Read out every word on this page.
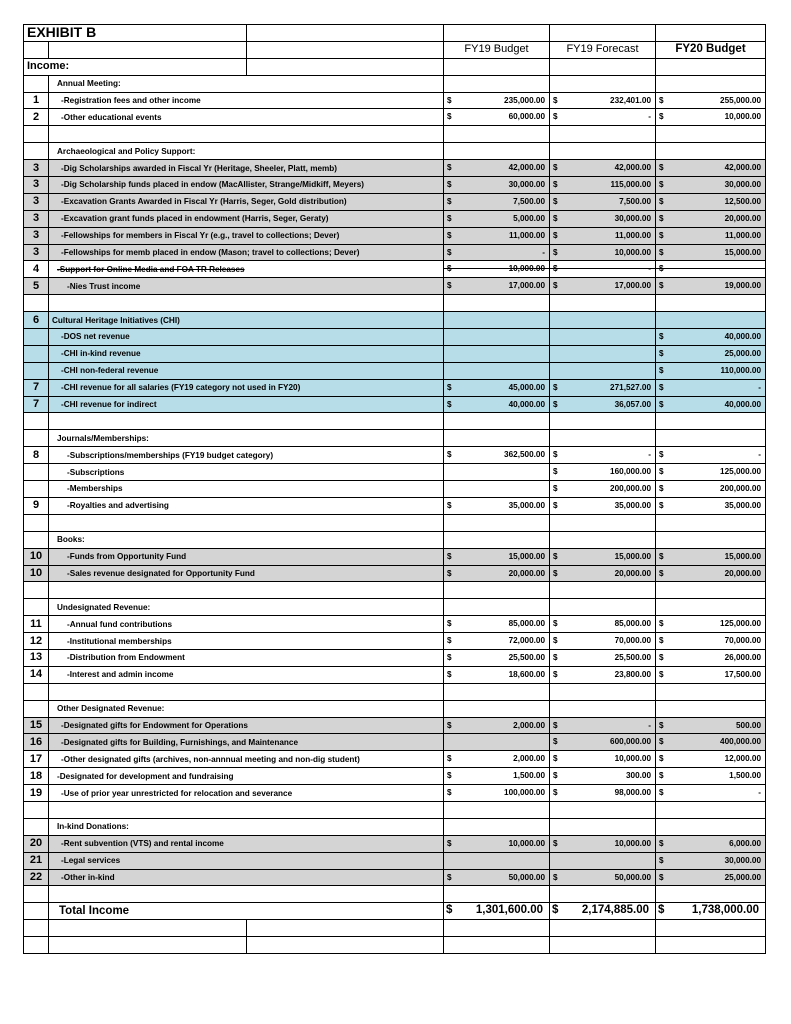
EXHIBIT B					
			FY19 Budget	FY19 Forecast	FY20 Budget
Income:					
	Annual Meeting:				
1	-Registration fees and other income		$ 235,000.00	$ 232,401.00	$ 255,000.00

2	-Other educational events		$ 60,000.00	$ -	$ 10,000.00

	Archaeological and Policy Support:				
3	-Dig Scholarships awarded in Fiscal Yr (Heritage, Sheeler, Platt, memb)		$ 42,000.00	$ 42,000.00	$ 42,000.00

3	-Dig Scholarship funds placed in endow (MacAllister, Strange/Midkiff, Meyers)		$ 30,000.00	$ 115,000.00	$ 30,000.00

3	-Excavation Grants Awarded in Fiscal Yr (Harris, Seger, Gold distribution)		$ 7,500.00	$ 7,500.00	$ 12,500.00

3	-Excavation grant funds placed in endowment (Harris, Seger, Geraty)		$ 5,000.00	$ 30,000.00	$ 20,000.00

3	-Fellowships for members in Fiscal Yr (e.g., travel to collections; Dever)		$ 11,000.00	$ 11,000.00	$ 11,000.00

3	-Fellowships for memb placed in endow (Mason; travel to collections; Dever)		$ -	$ 10,000.00	$ 15,000.00

4	-Support for Online Media and FOA TR Releases		$ 10,000.00	$ -	$

5	-Nies Trust income		$ 17,000.00	$ 17,000.00	$ 19,000.00

6	Cultural Heritage Initiatives (CHI)				
	-DOS net revenue				$ 40,000.00

	-CHI in-kind revenue				$ 25,000.00

	-CHI non-federal revenue				$ 110,000.00

7	-CHI revenue for all salaries (FY19 category not used in FY20)		$ 45,000.00	$ 271,527.00	$ -

7	-CHI revenue for indirect		$ 40,000.00	$ 36,057.00	$ 40,000.00

	Journals/Memberships:				
8	-Subscriptions/memberships (FY19 budget category)		$ 362,500.00	$ -	$ -

	-Subscriptions			$ 160,000.00	$ 125,000.00

	-Memberships			$ 200,000.00	$ 200,000.00

9	-Royalties and advertising		$ 35,000.00	$ 35,000.00	$ 35,000.00

	Books:				
10	-Funds from Opportunity Fund		$ 15,000.00	$ 15,000.00	$ 15,000.00

10	-Sales revenue designated for Opportunity Fund		$ 20,000.00	$ 20,000.00	$ 20,000.00

	Undesignated Revenue:				
11	-Annual fund contributions		$ 85,000.00	$ 85,000.00	$ 125,000.00

12	-Institutional memberships		$ 72,000.00	$ 70,000.00	$ 70,000.00

13	-Distribution from Endowment		$ 25,500.00	$ 25,500.00	$ 26,000.00

14	-Interest and admin income		$ 18,600.00	$ 23,800.00	$ 17,500.00

	Other Designated Revenue:				
15	-Designated gifts for Endowment for Operations		$ 2,000.00	$ -	$ 500.00

16	-Designated gifts for Building, Furnishings, and Maintenance			$ 600,000.00	$ 400,000.00

17	-Other designated gifts (archives, non-annnual meeting and non-dig student)		$ 2,000.00	$ 10,000.00	$ 12,000.00

18	-Designated for development and fundraising		$ 1,500.00	$ 300.00	$ 1,500.00

19	-Use of prior year unrestricted for relocation and severance		$ 100,000.00	$ 98,000.00	$ -

	In-kind Donations:				
20	-Rent subvention (VTS) and rental income		$ 10,000.00	$ 10,000.00	$ 6,000.00

21	-Legal services				$ 30,000.00

22	-Other in-kind		$ 50,000.00	$ 50,000.00	$ 25,000.00

	Total Income		$ 1,301,600.00	$ 2,174,885.00	$ 1,738,000.00
